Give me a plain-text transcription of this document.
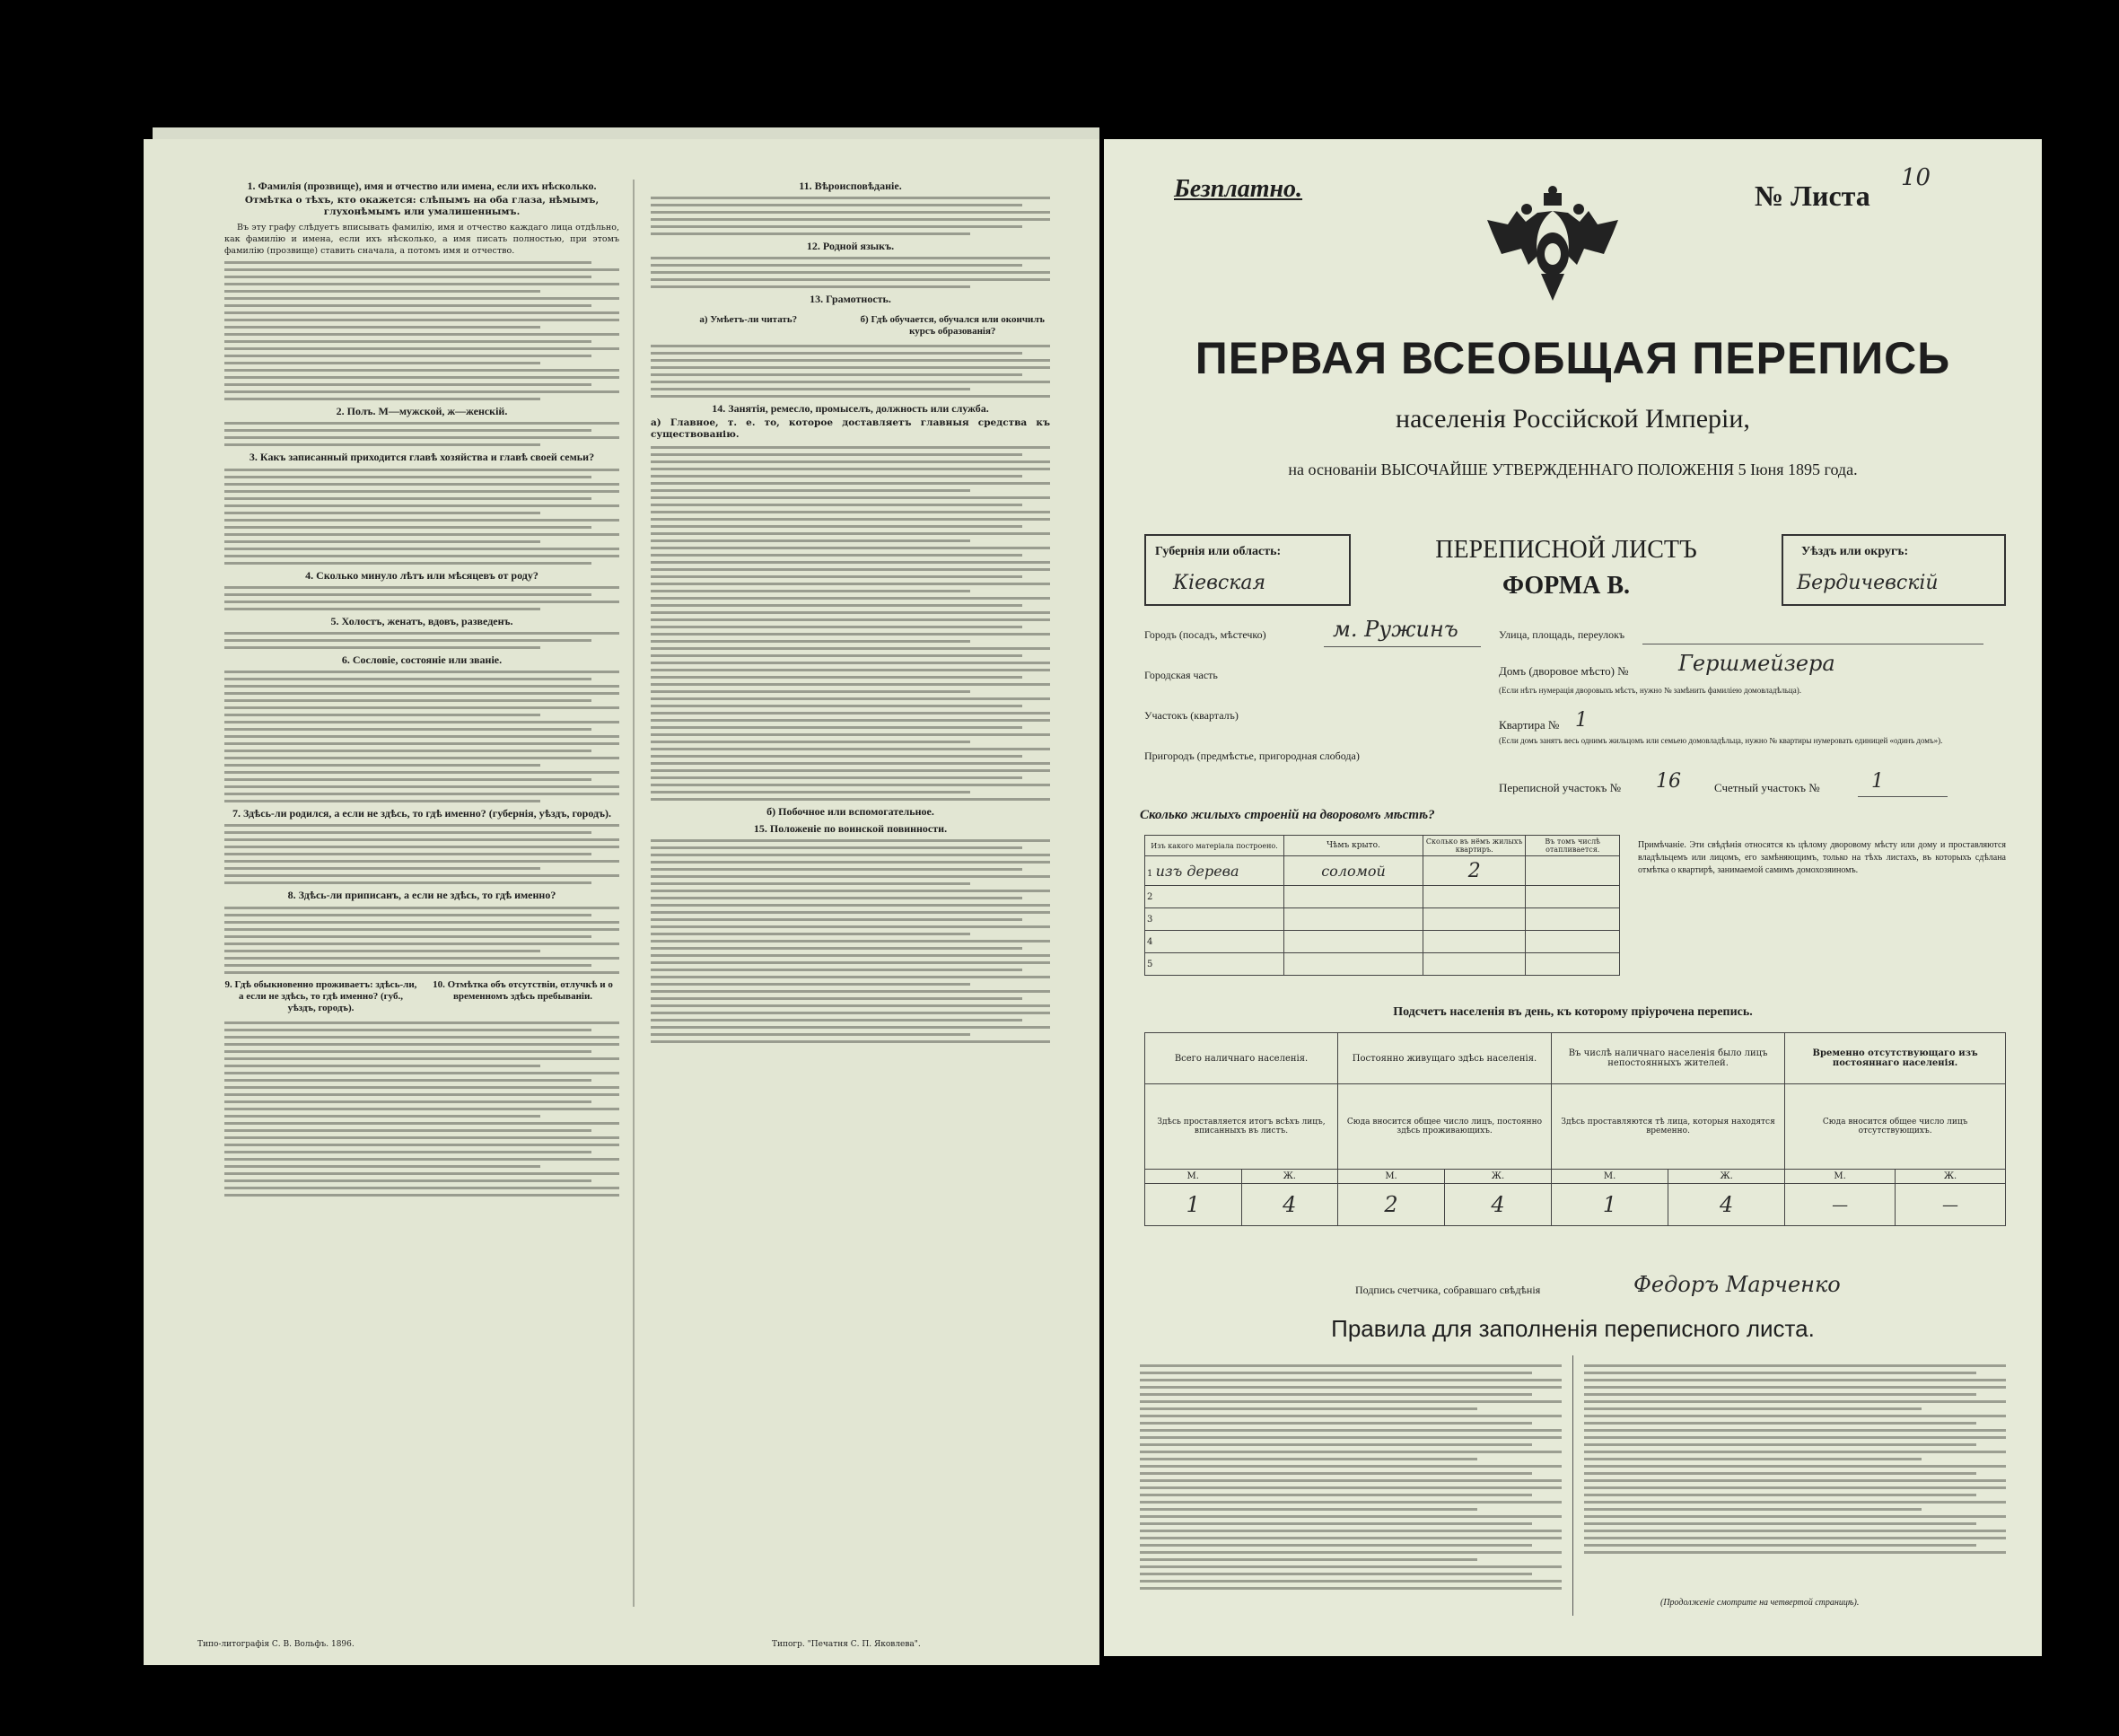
1. Фамилія (прозвище), имя и отчество или имена, если ихъ нѣсколько.

Отмѣтка о тѣхъ, кто окажется: слѣпымъ на оба глаза, нѣмымъ, глухонѣмымъ или умалишеннымъ.

Въ эту графу слѣдуетъ вписывать фамилію, имя и отчество каждаго лица отдѣльно, как фамилію и имена, если ихъ нѣсколько, а имя писать полностью, при этомъ фамилію (прозвище) ставить сначала, а потомъ имя и отчество.

2. Полъ. М—мужской, ж—женскій.
3. Какъ записанный приходится главѣ хозяйства и главѣ своей семьи?
4. Сколько минуло лѣтъ или мѣсяцевъ от роду?
5. Холостъ, женатъ, вдовъ, разведенъ.
6. Сословіе, состояніе или званіе.
7. Здѣсь-ли родился, а если не здѣсь, то гдѣ именно? (губернія, уѣздъ, городъ).
8. Здѣсь-ли приписанъ, а если не здѣсь, то гдѣ именно?
9. Гдѣ обыкновенно проживаетъ: здѣсь-ли, а если не здѣсь, то гдѣ именно? (губ., уѣздъ, городъ).
10. Отмѣтка объ отсутствіи, отлучкѣ и о временномъ здѣсь пребываніи.
11. Вѣроисповѣданіе.
12. Родной языкъ.
13. Грамотность.
а) Умѣетъ-ли читать?	б) Гдѣ обучается, обучался или окончилъ курсъ образованія?
14. Занятія, ремесло, промыселъ, должность или служба.

а) Главное, т. е. то, которое доставляетъ главныя средства къ существованію.

б) Побочное или вспомогательное.
15. Положеніе по воинской повинности.
Типо-литографія С. В. Вольфъ. 1896.	Типогр. "Печатня С. П. Яковлева".
Безплатно.	№ Листа
10
ПЕРВАЯ ВСЕОБЩАЯ ПЕРЕПИСЬ
населенія Россійской Имперіи,
на основаніи ВЫСОЧАЙШЕ УТВЕРЖДЕННАГО ПОЛОЖЕНІЯ 5 Іюня 1895 года.
Губернія или область:
Кіевская
ПЕРЕПИСНОЙ ЛИСТЪ
ФОРМА В.
Уѣздъ или округъ:
Бердичевскій
Городъ (посадъ, мѣстечко)	м. Ружинъ	Улица, площадь, переулокъ
Городская часть	Домъ (дворовое мѣсто) № Гершмейзера
(Если нѣтъ нумерація дворовыхъ мѣстъ, нужно № замѣнить фамиліею домовладѣльца).
Участокъ (кварталъ)
Квартира № 1
(Если домъ занятъ весь однимъ жильцомъ или семьею домовладѣльца, нужно № квартиры нумеровать единицей «одинъ домъ»).
Пригородъ (предмѣстье, пригородная слобода)
Переписной участокъ № 16	Счетный участокъ №	1
Сколько жилыхъ строеній на дворовомъ мѣстѣ?
Изъ какого матеріала построено.	Чѣмъ крыто.	Сколько въ нёмъ жилыхъ квартиръ.	Въ томъ числѣ отапливается.
1 изъ дерева	соломой	2	
2			
3			
4			
5			
Примѣчаніе. Эти свѣдѣнія относятся къ цѣлому дворовому мѣсту или дому и проставляются владѣльцемъ или лицомъ, его замѣняющимъ, только на тѣхъ листахъ, въ которыхъ сдѣлана отмѣтка о квартирѣ, занимаемой самимъ домохозяиномъ.
Подсчетъ населенія въ день, къ которому пріурочена перепись.
Всего наличнаго населенія.		Постоянно живущаго здѣсь населенія.		Въ числѣ наличнаго населенія было лицъ непостоянныхъ жителей.		Временно отсутствующаго изъ постояннаго населенія.	
Здѣсь проставляется итогъ всѣхъ лицъ, вписанныхъ въ листъ.		Сюда вносится общее число лицъ, постоянно здѣсь проживающихъ.		Здѣсь проставляются тѣ лица, которыя находятся временно.		Сюда вносится общее число лицъ отсутствующихъ.	
М.	Ж.	М.	Ж.	М.	Ж.	М.	Ж.
1	4	2	4	1	4	—	—
Подпись счетчика, собравшаго свѣдѣнія	Федоръ Марченко
Правила для заполненія переписного листа.
(Продолженіе смотрите на четвертой страницѣ).
